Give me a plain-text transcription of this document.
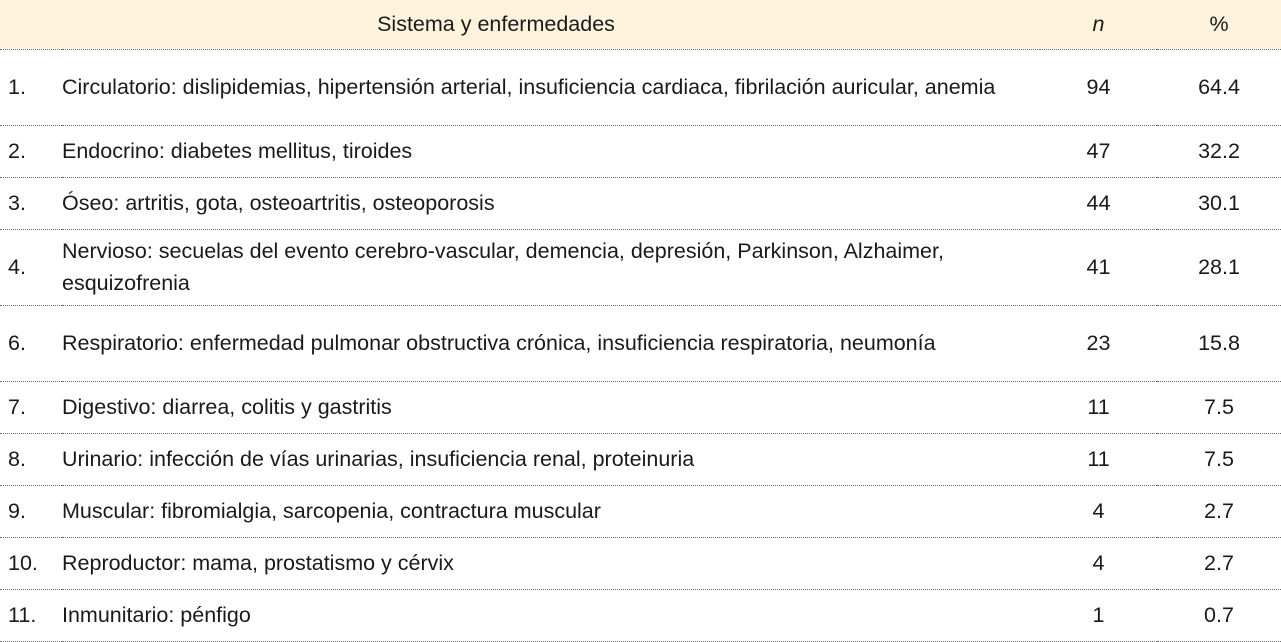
Sistema y enfermedades		n	%
1.	Circulatorio: dislipidemias, hipertensión arterial, insuficiencia cardiaca, fibrilación auricular, anemia	94	64.4
2.	Endocrino: diabetes mellitus, tiroides	47	32.2
3.	Óseo: artritis, gota, osteoartritis, osteoporosis	44	30.1
4.	Nervioso: secuelas del evento cerebro-vascular, demencia, depresión, Parkinson, Alzhaimer, esquizofrenia	41	28.1
6.	Respiratorio: enfermedad pulmonar obstructiva crónica, insuficiencia respiratoria, neumonía	23	15.8
7.	Digestivo: diarrea, colitis y gastritis	11	7.5
8.	Urinario: infección de vías urinarias, insuficiencia renal, proteinuria	11	7.5
9.	Muscular: fibromialgia, sarcopenia, contractura muscular	4	2.7
10.	Reproductor: mama, prostatismo y cérvix	4	2.7
11.	Inmunitario: pénfigo	1	0.7
